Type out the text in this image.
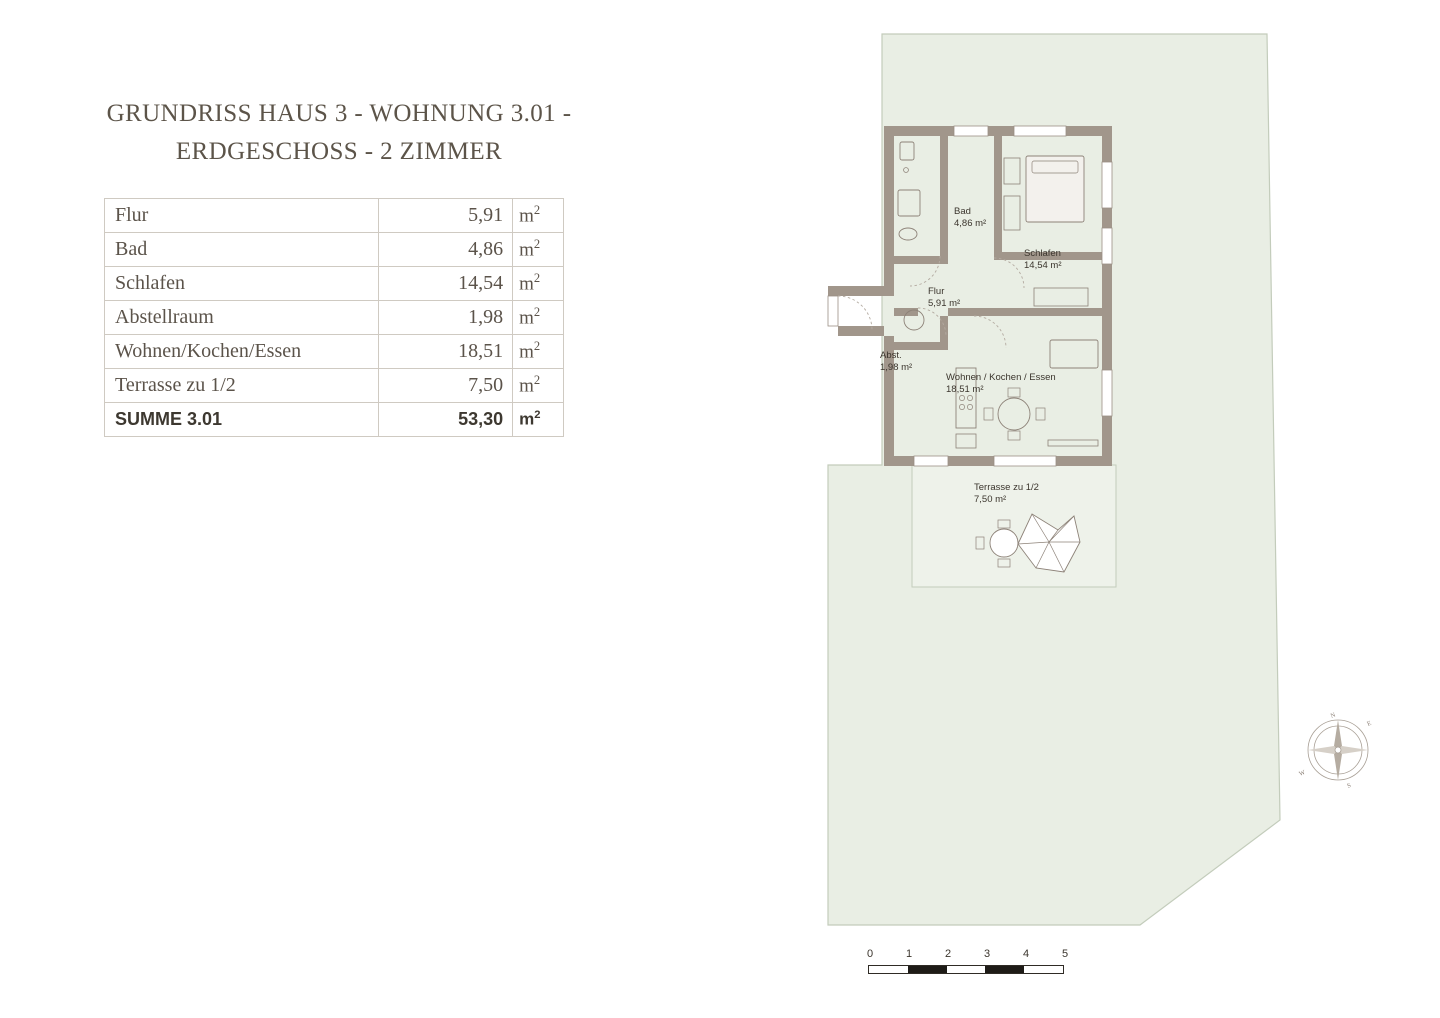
GRUNDRISS HAUS 3 - WOHNUNG 3.01 -
ERDGESCHOSS - 2 ZIMMER
Flur	5,91	$m^2$
Bad	4,86	$m^2$
Schlafen	14,54	$m^2$
Abstellraum	1,98	$m^2$
Wohnen/Kochen/Essen	18,51	$m^2$
Terrasse zu 1/2	7,50	$m^2$
SUMME 3.01	53,30	$m^2$
Bad
4,86 m²
Schlafen
14,54 m²
Flur
5,91 m²
Abst.
1,98 m²
Wohnen / Kochen / Essen
18,51 m²
Terrasse zu 1/2
7,50 m²
0	1	2	3	4	5
N
E
S
W
